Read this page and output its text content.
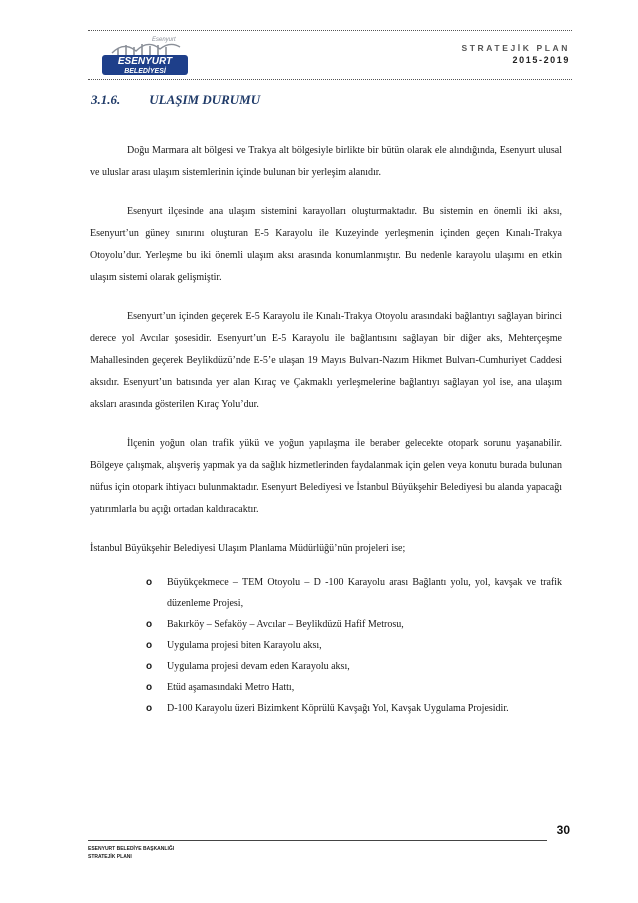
Esenyurt
ESENYURT
BELEDİYESİ
STRATEJİK PLAN
2015-2019
3.1.6. ULAŞIM DURUMU

Doğu Marmara alt bölgesi ve Trakya alt bölgesiyle birlikte bir bütün olarak ele alındığında, Esenyurt ulusal ve uluslar arası ulaşım sistemlerinin içinde bulunan bir yerleşim alanıdır.

Esenyurt ilçesinde ana ulaşım sistemini karayolları oluşturmaktadır. Bu sistemin en önemli iki aksı, Esenyurt’un güney sınırını oluşturan E-5 Karayolu ile Kuzeyinde yerleşmenin içinden geçen Kınalı-Trakya Otoyolu’dur. Yerleşme bu iki önemli ulaşım aksı arasında konumlanmıştır. Bu nedenle karayolu ulaşımı en etkin ulaşım sistemi olarak gelişmiştir.

Esenyurt’un içinden geçerek E-5 Karayolu ile Kınalı-Trakya Otoyolu arasındaki bağlantıyı sağlayan birinci derece yol Avcılar şosesidir. Esenyurt’un E-5 Karayolu ile bağlantısını sağlayan bir diğer aks, Mehterçeşme Mahallesinden geçerek Beylikdüzü’nde E-5’e ulaşan 19 Mayıs Bulvarı-Nazım Hikmet Bulvarı-Cumhuriyet Caddesi aksıdır. Esenyurt’un batısında yer alan Kıraç ve Çakmaklı yerleşmelerine bağlantıyı sağlayan yol ise, ana ulaşım aksları arasında gösterilen Kıraç Yolu’dur.

İlçenin yoğun olan trafik yükü ve yoğun yapılaşma ile beraber gelecekte otopark sorunu yaşanabilir. Bölgeye çalışmak, alışveriş yapmak ya da sağlık hizmetlerinden faydalanmak için gelen veya konutu burada bulunan nüfus için otopark ihtiyacı bulunmaktadır. Esenyurt Belediyesi ve İstanbul Büyükşehir Belediyesi bu alanda yapacağı yatırımlarla bu açığı ortadan kaldıracaktır.

İstanbul Büyükşehir Belediyesi Ulaşım Planlama Müdürlüğü’nün projeleri ise;

o Büyükçekmece – TEM Otoyolu – D -100 Karayolu arası Bağlantı yolu, yol, kavşak ve trafik düzenleme Projesi,
o Bakırköy – Sefaköy – Avcılar – Beylikdüzü Hafif Metrosu,
o Uygulama projesi biten Karayolu aksı,
o Uygulama projesi devam eden Karayolu aksı,
o Etüd aşamasındaki Metro Hattı,
o D-100 Karayolu üzeri Bizimkent Köprülü Kavşağı Yol, Kavşak Uygulama Projesidir.
30
ESENYURT BELEDİYE BAŞKANLIĞI
STRATEJİK PLANI
